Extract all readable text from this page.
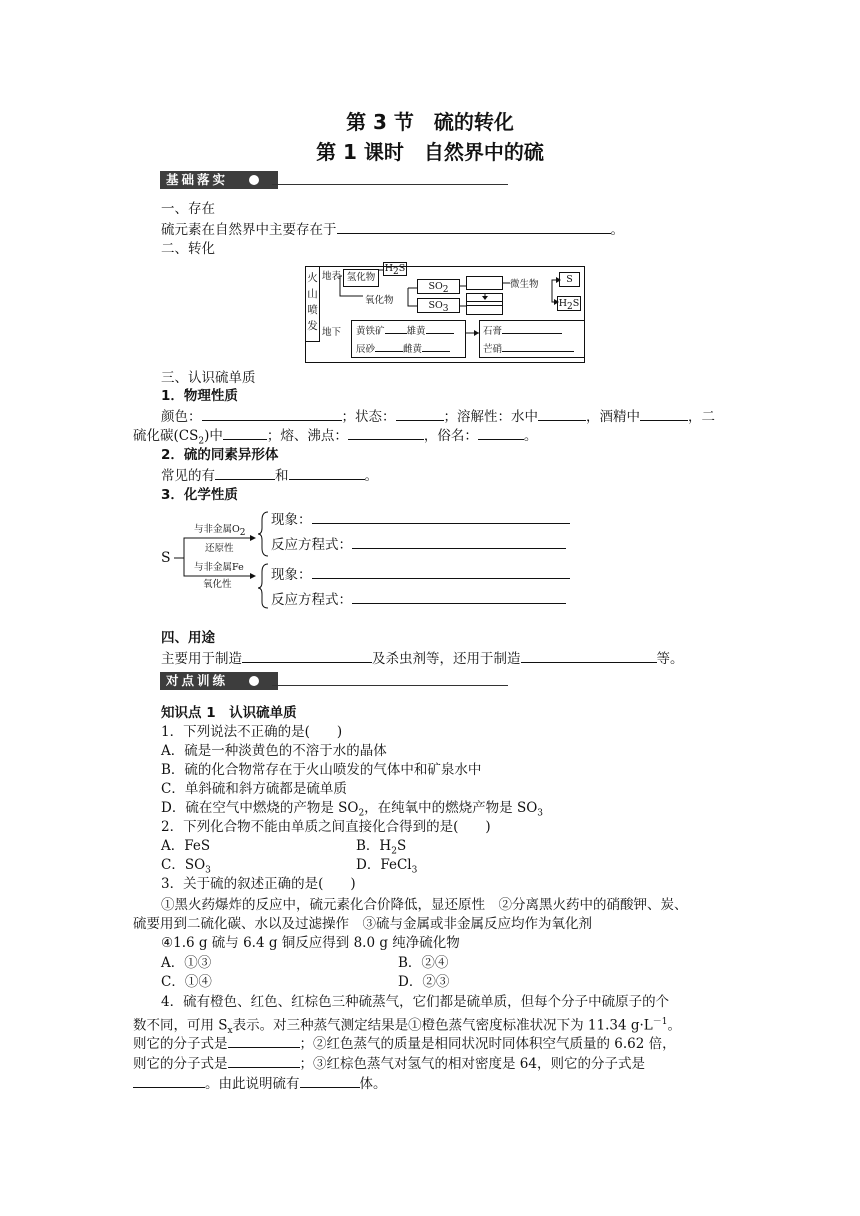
第 3 节　硫的转化
第 1 课时　自然界中的硫
基础落实
一、存在
硫元素在自然界中主要存在于	。
二、转化
火山喷发
地表 氢化物
$H_2S$
氧化物
$SO_2$
$SO_3$
微生物	S
$H_2S$
地下 黄铁矿 雄黄
辰砂	雌黄
石膏
芒硝
三、认识硫单质
1．物理性质
颜色：	；状态：	；溶解性：水中	，酒精中	，二
硫化碳$(CS_2)$中	；熔、沸点：	，俗名：	。
2．硫的同素异形体
常见的有	和	。
3．化学性质
S
与非金属$O_2$
还原性
与非金属Fe
氧化性
现象：
反应方程式：
现象：
反应方程式：
四、用途
主要用于制造	及杀虫剂等，还用于制造	等。
对点训练
知识点 1　认识硫单质
1．下列说法不正确的是(　　)
A．硫是一种淡黄色的不溶于水的晶体
B．硫的化合物常存在于火山喷发的气体中和矿泉水中
C．单斜硫和斜方硫都是硫单质
D．硫在空气中燃烧的产物是 $SO_2$，在纯氧中的燃烧产物是 $SO_3$
2．下列化合物不能由单质之间直接化合得到的是(　　)
A．FeS	B．$H_2S$
C．$SO_3$	D．FeCl$_3$
3．关于硫的叙述正确的是(　　)
①黑火药爆炸的反应中，硫元素化合价降低，显还原性　②分离黑火药中的硝酸钾、炭、
硫要用到二硫化碳、水以及过滤操作　③硫与金属或非金属反应均作为氧化剂
④1.6 g 硫与 6.4 g 铜反应得到 8.0 g 纯净硫化物
A．①③	B．②④
C．①④	D．②③
4．硫有橙色、红色、红棕色三种硫蒸气，它们都是硫单质，但每个分子中硫原子的个
数不同，可用 $S_x$表示。对三种蒸气测定结果是①橙色蒸气密度标准状况下为 11.34 $g\cdot L^{-1}$。
则它的分子式是	；②红色蒸气的质量是相同状况时同体积空气质量的 6.62 倍，
则它的分子式是	；③红棕色蒸气对氢气的相对密度是 64，则它的分子式是
。由此说明硫有	体。
